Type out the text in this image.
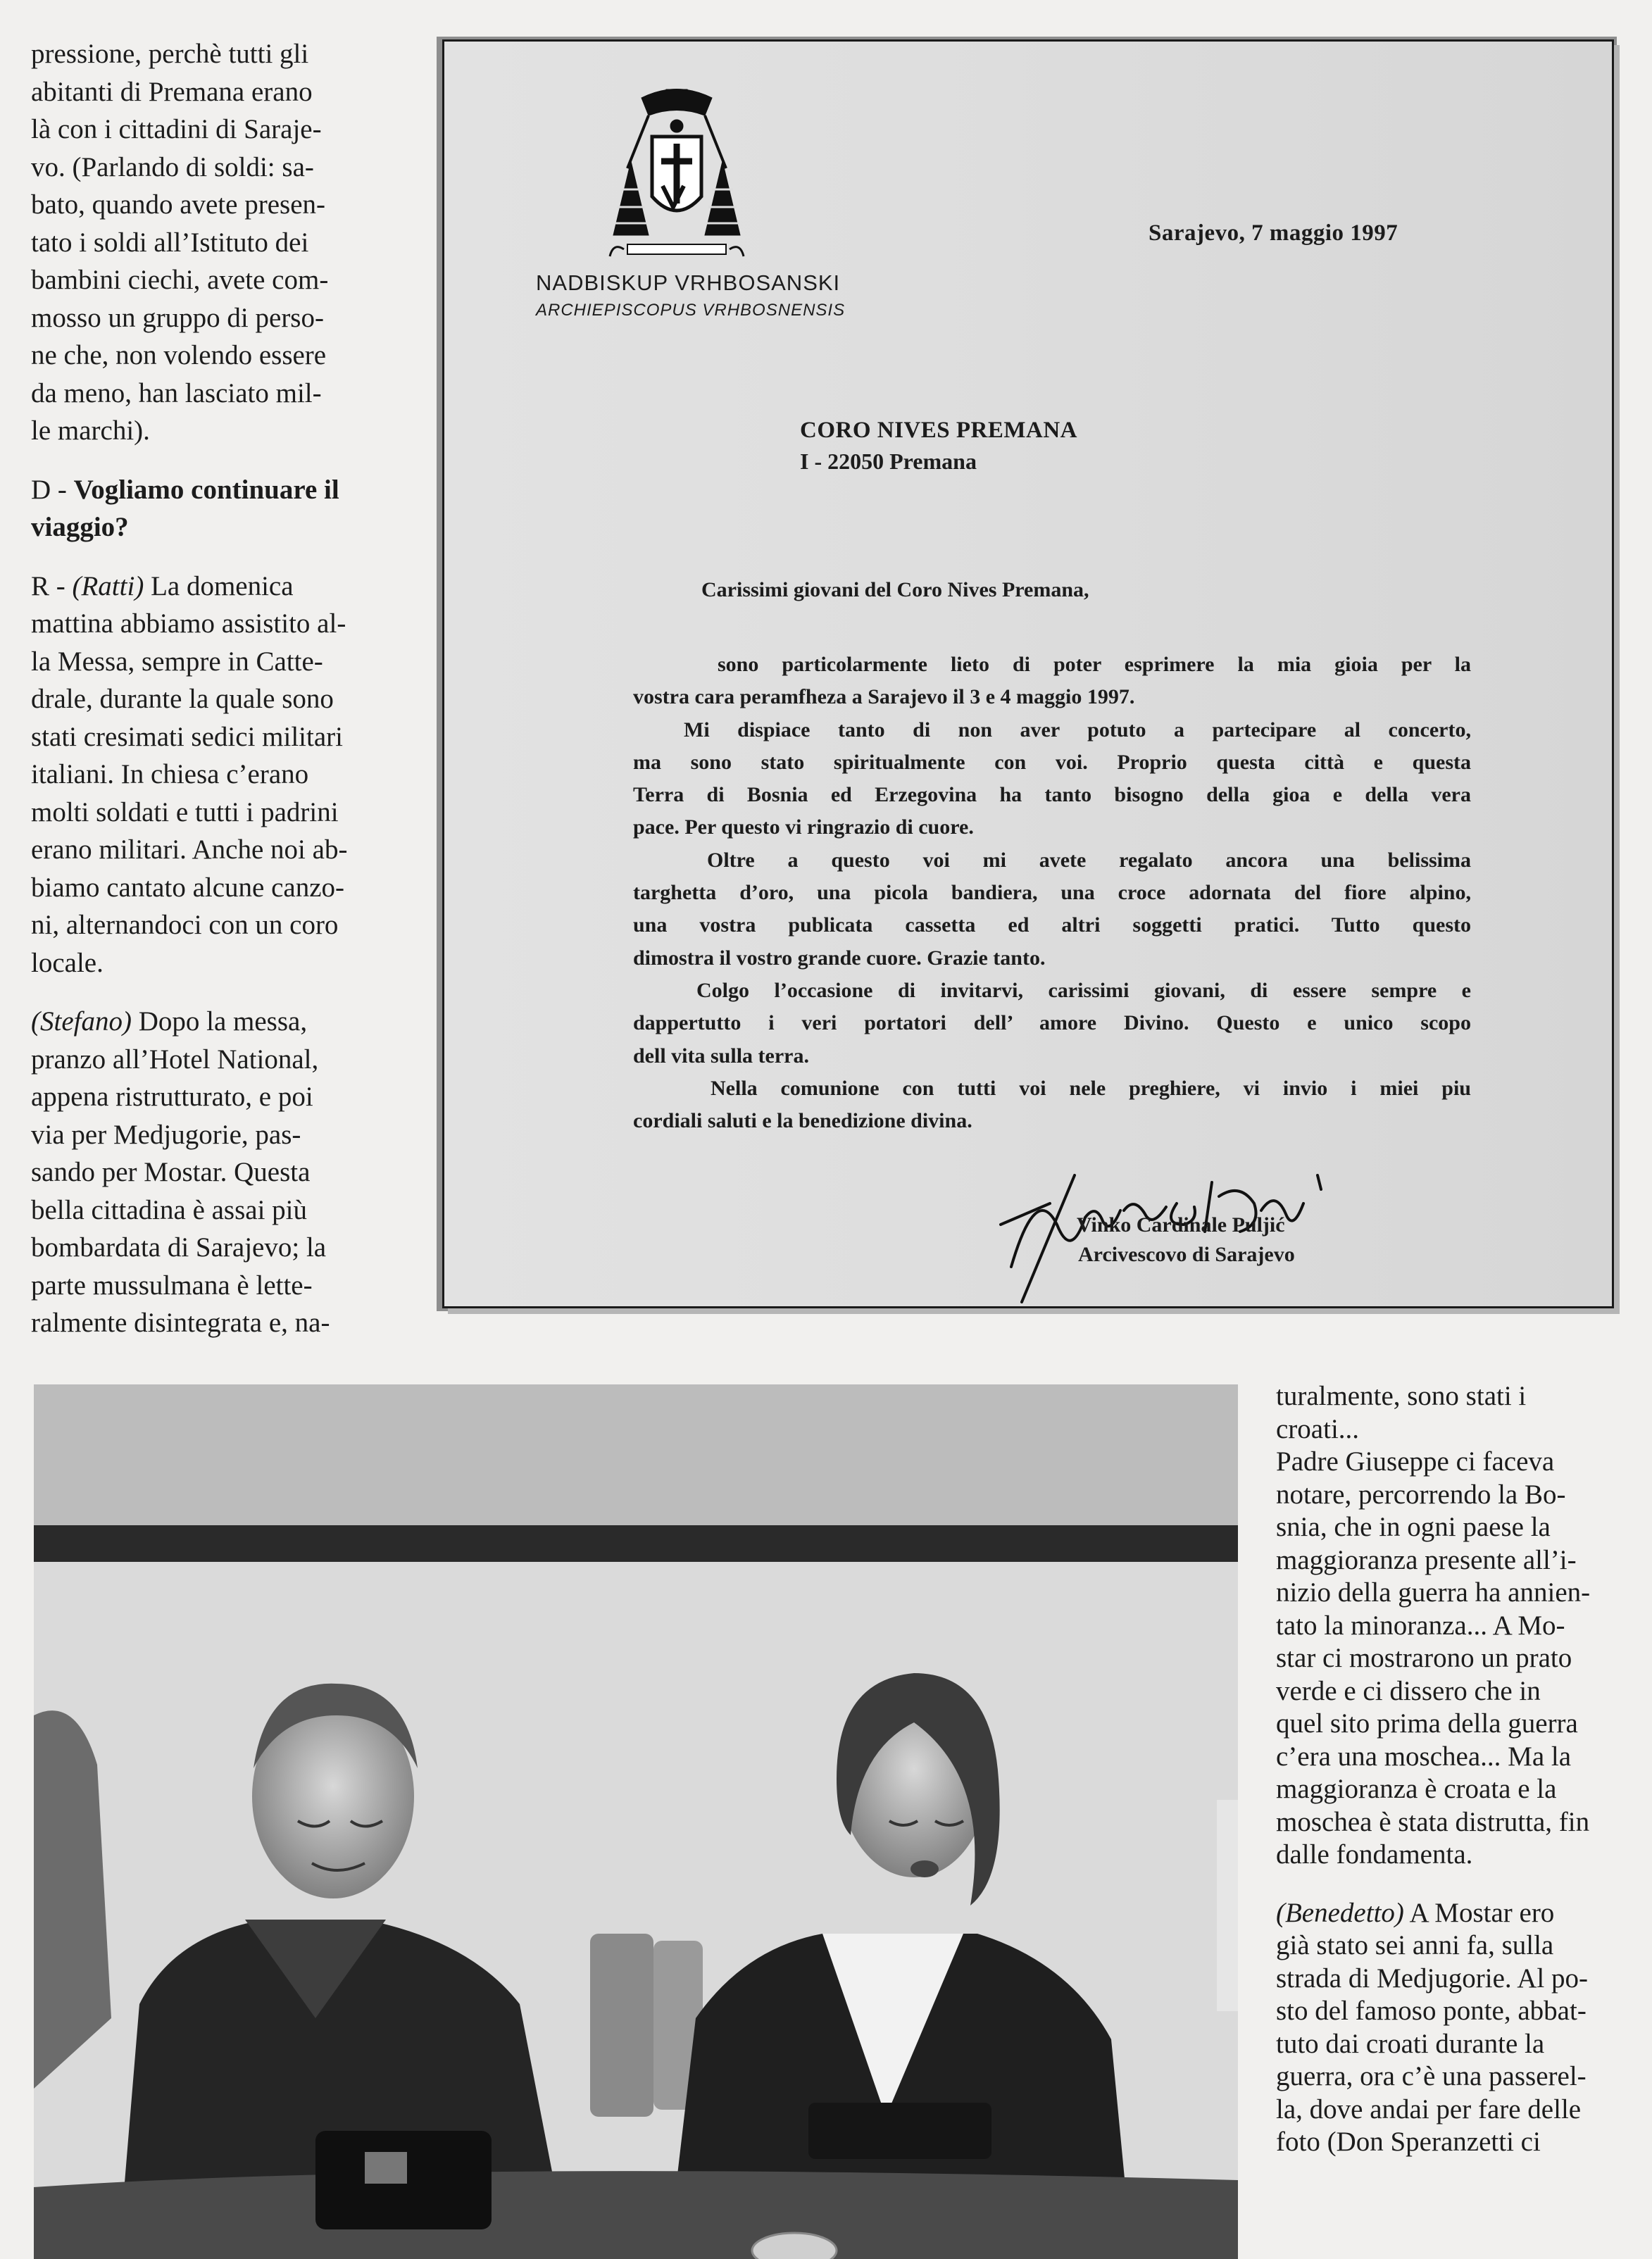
pressione, perchè tutti gli
abitanti di Premana erano
là con i cittadini di Saraje-
vo. (Parlando di soldi: sa-
bato, quando avete presen-
tato i soldi all’Istituto dei
bambini ciechi, avete com-
mosso un gruppo di perso-
ne che, non volendo essere
da meno, han lasciato mil-
le marchi).

D - Vogliamo continuare il
viaggio?

R - (Ratti) La domenica
mattina abbiamo assistito al-
la Messa, sempre in Catte-
drale, durante la quale sono
stati cresimati sedici militari
italiani. In chiesa c’erano
molti soldati e tutti i padrini
erano militari. Anche noi ab-
biamo cantato alcune canzo-
ni, alternandoci con un coro
locale.

(Stefano) Dopo la messa,
pranzo all’Hotel National,
appena ristrutturato, e poi
via per Medjugorie, pas-
sando per Mostar. Questa
bella cittadina è assai più
bombardata di Sarajevo; la
parte mussulmana è lette-
ralmente disintegrata e, na-

NADBISKUP VRHBOSANSKI
ARCHIEPISCOPUS VRHBOSNENSIS
Sarajevo, 7 maggio 1997
CORO NIVES PREMANA
I - 22050 Premana
Carissimi giovani del Coro Nives Premana,
sono particolarmente lieto di poter esprimere la mia gioia per la
vostra cara peramfheza a Sarajevo il 3 e 4 maggio 1997.
Mi dispiace tanto di non aver potuto a partecipare al concerto,
ma sono stato spiritualmente con voi. Proprio questa città e questa
Terra di Bosnia ed Erzegovina ha tanto bisogno della gioa e della vera
pace. Per questo vi ringrazio di cuore.
Oltre a questo voi mi avete regalato ancora una belissima
targhetta d’oro, una picola bandiera, una croce adornata del fiore alpino,
una vostra publicata cassetta ed altri soggetti pratici. Tutto questo
dimostra il vostro grande cuore. Grazie tanto.
Colgo l’occasione di invitarvi, carissimi giovani, di essere sempre e
dappertutto i veri portatori dell’ amore Divino. Questo e unico scopo
dell vita sulla terra.
Nella comunione con tutti voi nele preghiere, vi invio i miei piu
cordiali saluti e la benedizione divina.
Vinko Cardinale Puljić
Arcivescovo di Sarajevo
turalmente, sono stati i
croati...
Padre Giuseppe ci faceva
notare, percorrendo la Bo-
snia, che in ogni paese la
maggioranza presente all’i-
nizio della guerra ha annien-
tato la minoranza... A Mo-
star ci mostrarono un prato
verde e ci dissero che in
quel sito prima della guerra
c’era una moschea... Ma la
maggioranza è croata e la
moschea è stata distrutta, fin
dalle fondamenta.
(Benedetto) A Mostar ero
già stato sei anni fa, sulla
strada di Medjugorie. Al po-
sto del famoso ponte, abbat-
tuto dai croati durante la
guerra, ora c’è una passerel-
la, dove andai per fare delle
foto (Don Speranzetti ci
